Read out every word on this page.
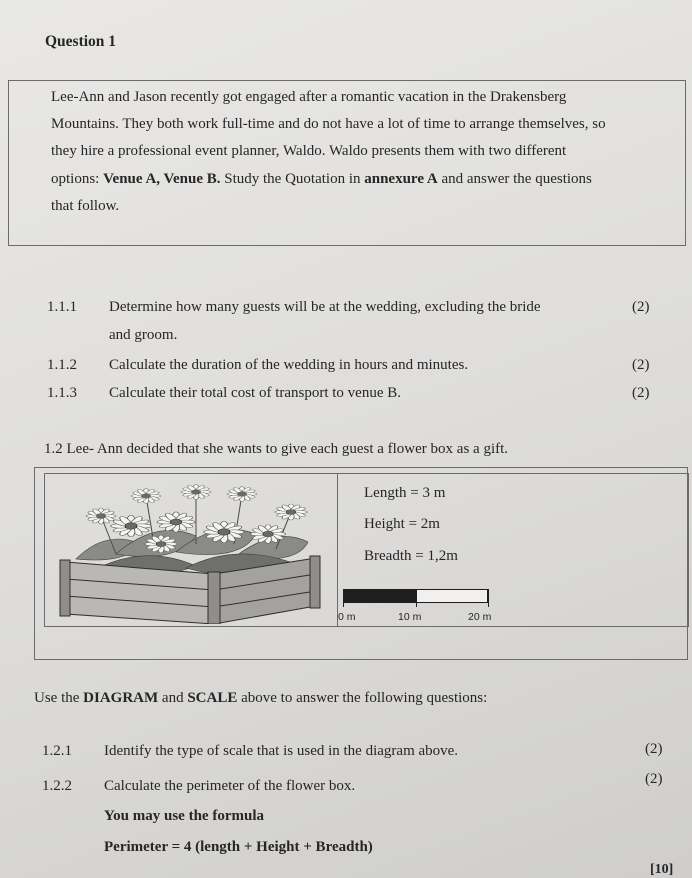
Question 1
Lee-Ann and Jason recently got engaged after a romantic vacation in the Drakensberg
Mountains. They both work full-time and do not have a lot of time to arrange themselves, so
they hire a professional event planner, Waldo. Waldo presents them with two different
options: Venue A, Venue B. Study the Quotation in annexure A and answer the questions
that follow.
1.1.1 Determine how many guests will be at the wedding, excluding the bride
and groom.
(2)
1.1.2 Calculate the duration of the wedding in hours and minutes.	(2)
1.1.3 Calculate their total cost of transport to venue B.	(2)
1.2 Lee- Ann decided that she wants to give each guest a flower box as a gift.
Length = 3 m
Height = 2m
Breadth = 1,2m
0 m	10 m	20 m
Use the DIAGRAM and SCALE above to answer the following questions:
1.2.1 Identify the type of scale that is used in the diagram above.	(2)
1.2.2 Calculate the perimeter of the flower box.	(2)
You may use the formula
Perimeter = 4 (length + Height + Breadth)
[10]
